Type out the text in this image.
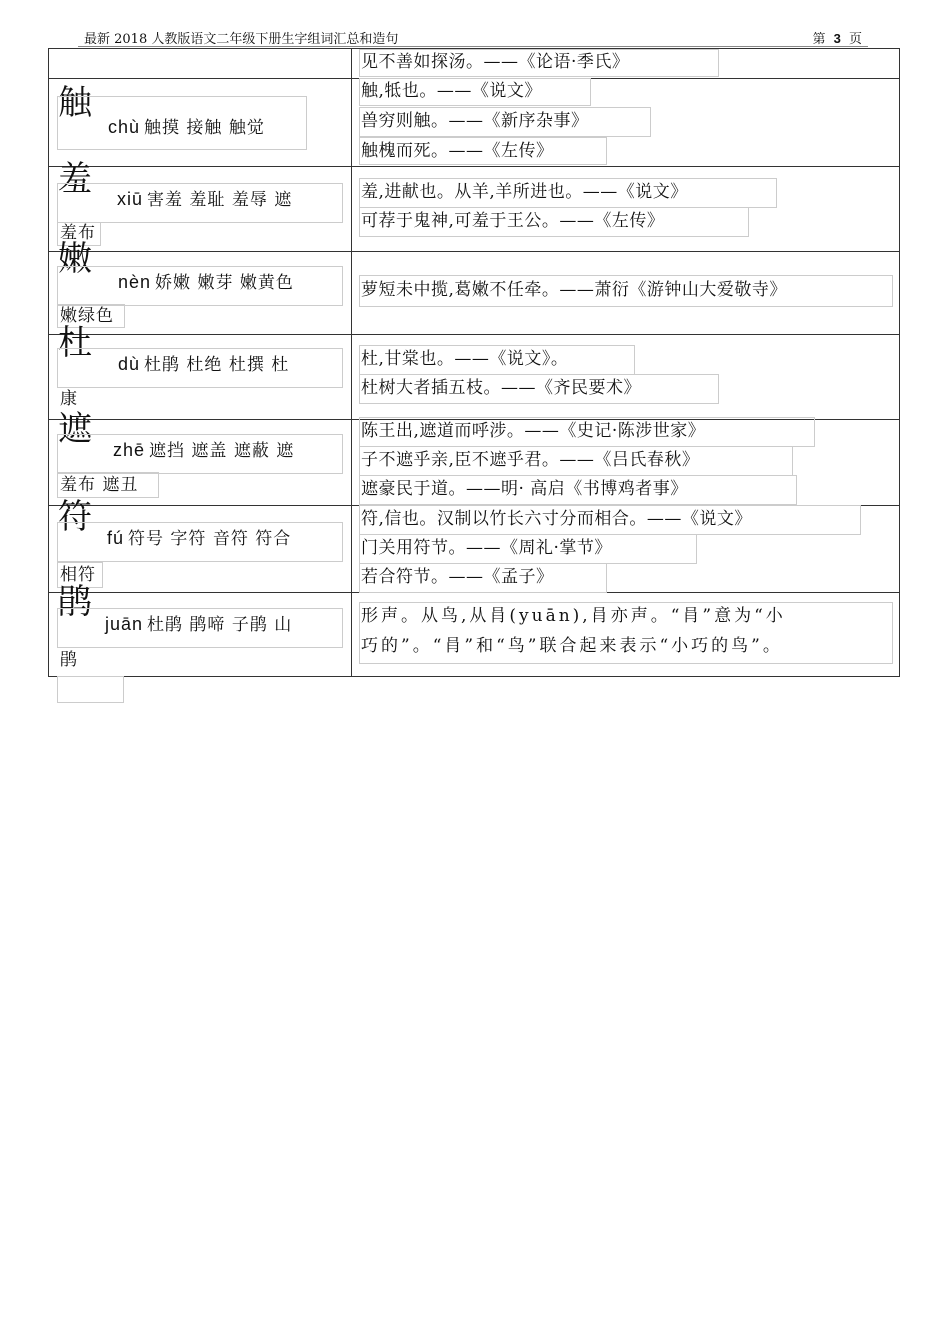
最新 2018 人教版语文二年级下册生字组词汇总和造句	第 3 页
见不善如探汤。——《论语·季氏》
触
chù 触摸 接触 触觉
触,牴也。——《说文》
兽穷则触。——《新序杂事》
触槐而死。——《左传》
羞 xiū 害羞 羞耻 羞辱 遮
羞布
羞,进献也。从羊,羊所进也。——《说文》
可荐于鬼神,可羞于王公。——《左传》
嫩
nèn 娇嫩 嫩芽 嫩黄色
嫩绿色
萝短未中揽,葛嫩不任牵。——萧衍《游钟山大爱敬寺》
杜
dù 杜鹃 杜绝 杜撰 杜
康
杜,甘棠也。——《说文》。
杜树大者插五枝。——《齐民要术》
遮
zhē 遮挡 遮盖 遮蔽 遮
羞布 遮丑
陈王出,遮道而呼涉。——《史记·陈涉世家》
子不遮乎亲,臣不遮乎君。——《吕氏春秋》
遮豪民于道。——明· 高启《书博鸡者事》
符
fú 符号 字符 音符 符合
相符
符,信也。汉制以竹长六寸分而相合。——《说文》
门关用符节。——《周礼·掌节》
若合符节。——《孟子》
鹃
juān 杜鹃 鹃啼 子鹃 山
鹃
形声。从鸟,从肙(yuān),肙亦声。“肙”意为“小
巧的”。“肙”和“鸟”联合起来表示“小巧的鸟”。
